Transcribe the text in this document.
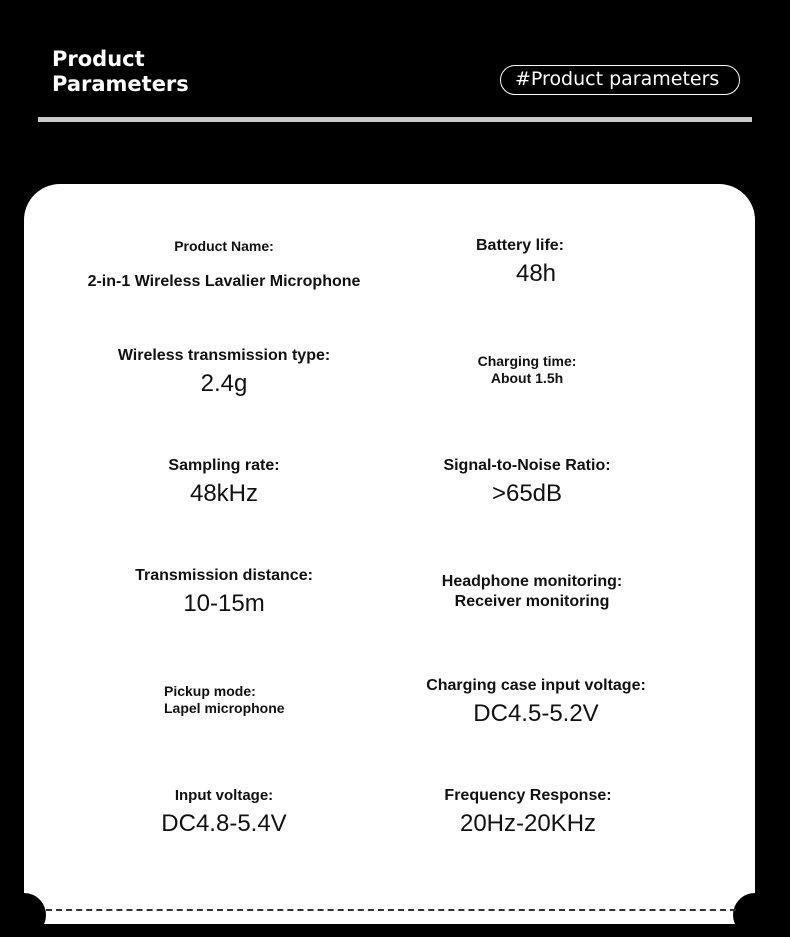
Product
Parameters	#Product parameters
Product Name:
2-in-1 Wireless Lavalier Microphone
Battery life:
48h
Wireless transmission type:
2.4g
Charging time:
About 1.5h
Sampling rate:
48kHz
Signal-to-Noise Ratio:
>65dB
Transmission distance:
10-15m
Headphone monitoring:
Receiver monitoring
Pickup mode:
Lapel microphone
Charging case input voltage:
DC4.5-5.2V
Input voltage:
DC4.8-5.4V
Frequency Response:
20Hz-20KHz
